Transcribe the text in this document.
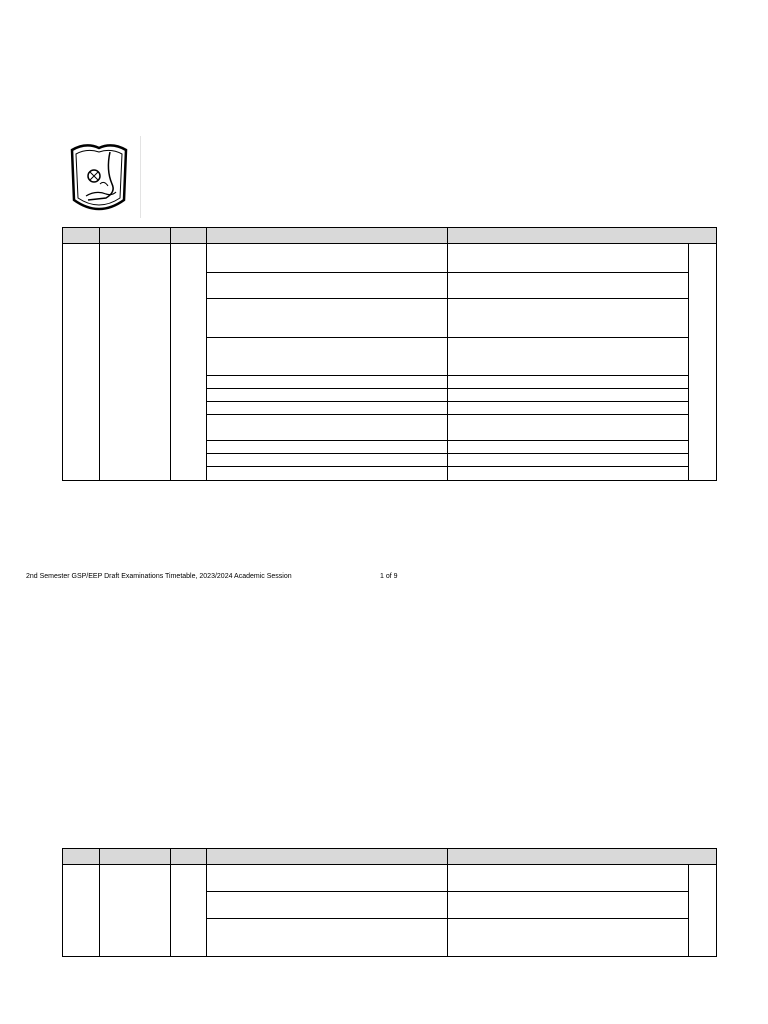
2nd Semester GSP/EEP Draft Examinations Timetable, 2023/2024 Academic Session	1 of 9
